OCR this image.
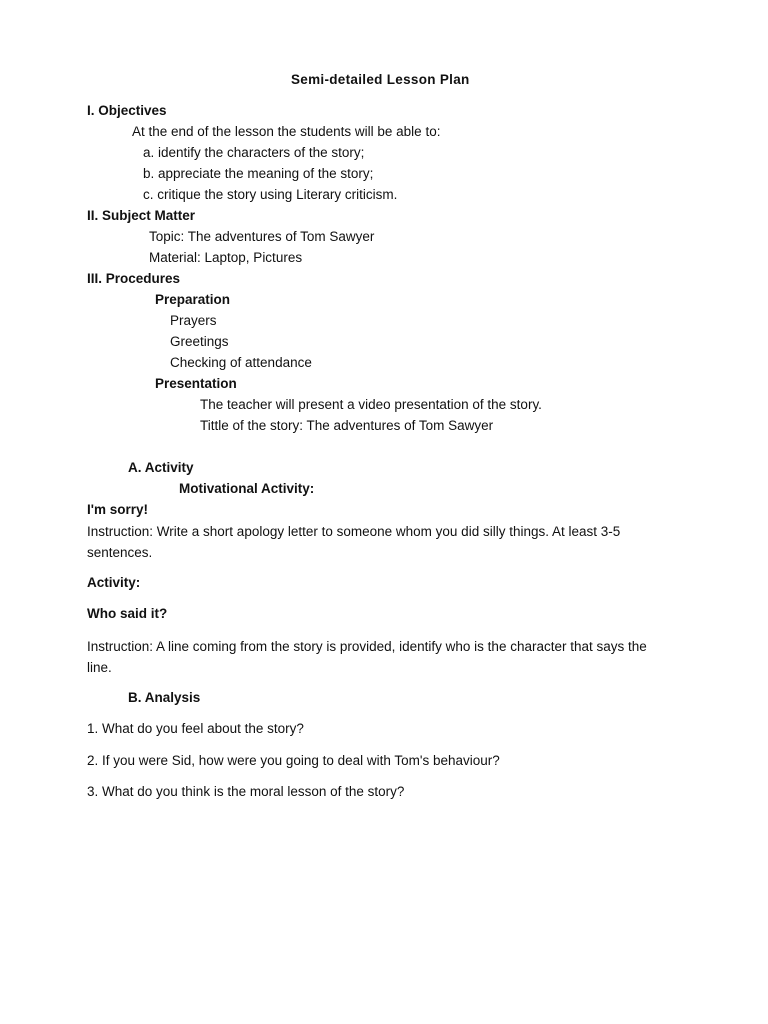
Semi-detailed Lesson Plan
I. Objectives
At the end of the lesson the students will be able to:
a. identify the characters of the story;
b. appreciate the meaning of the story;
c. critique the story using Literary criticism.
II. Subject Matter
Topic: The adventures of Tom Sawyer
Material: Laptop, Pictures
III. Procedures
Preparation
Prayers
Greetings
Checking of attendance
Presentation
The teacher will present a video presentation of the story.
Tittle of the story: The adventures of Tom Sawyer
A. Activity
Motivational Activity:
I'm sorry!
Instruction: Write a short apology letter to someone whom you did silly things. At least 3-5 sentences.
Activity:
Who said it?
Instruction: A line coming from the story is provided, identify who is the character that says the line.
B. Analysis
1. What do you feel about the story?
2. If you were Sid, how were you going to deal with Tom's behaviour?
3. What do you think is the moral lesson of the story?
